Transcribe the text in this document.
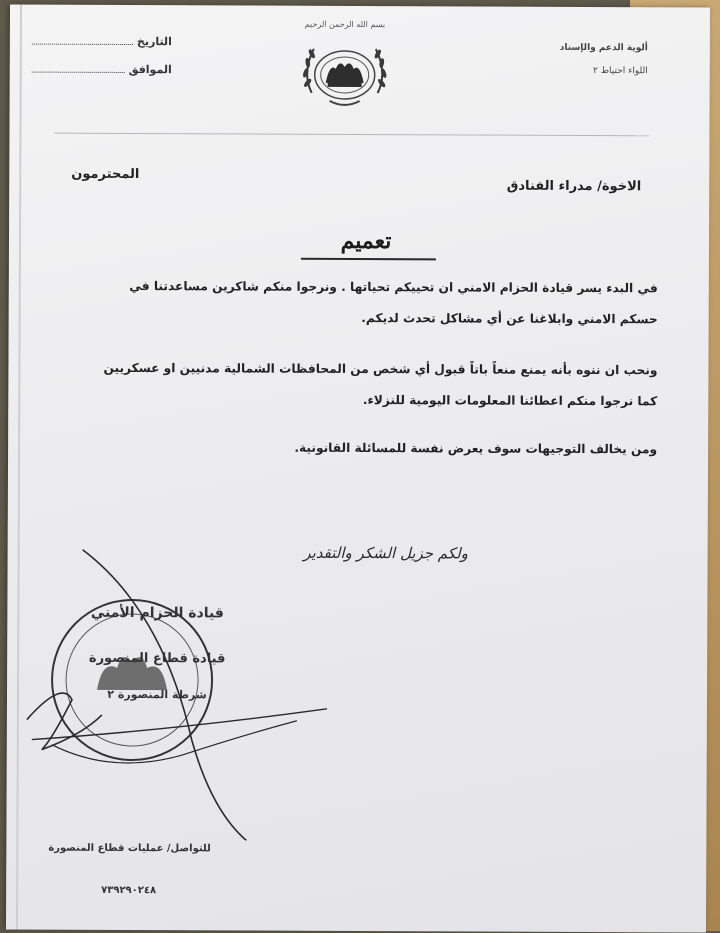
التاريخ
الموافق
بسم الله الرحمن الرحيم
ألوية الدعم والإسناد
اللواء احتياط ٢
الاخوة/ مدراء الفنادق
المحترمون
تعميم

في البدء يسر قيادة الحزام الامني ان تحييكم تحياتها . ونرجوا منكم شاكرين مساعدتنا في

حسكم الامني وابلاغنا عن أي مشاكل تحدث لديكم.

ونحب ان ننوه بأنه يمنع منعاً باتاً قبول أي شخص من المحافظات الشمالية مدنيين او عسكريين

كما نرجوا منكم اعطائنا المعلومات اليومية للنزلاء.

ومن يخالف التوجيهات سوف يعرض نفسة للمسائلة القانونية.

ولكم جزيل الشكر والتقدير
قيادة الحزام الأمني
قيادة قطاع المنصورة
شرطة المنصورة ٢
للتواصل/ عمليات قطاع المنصورة
٧٣٩٢٩٠٢٤٨
